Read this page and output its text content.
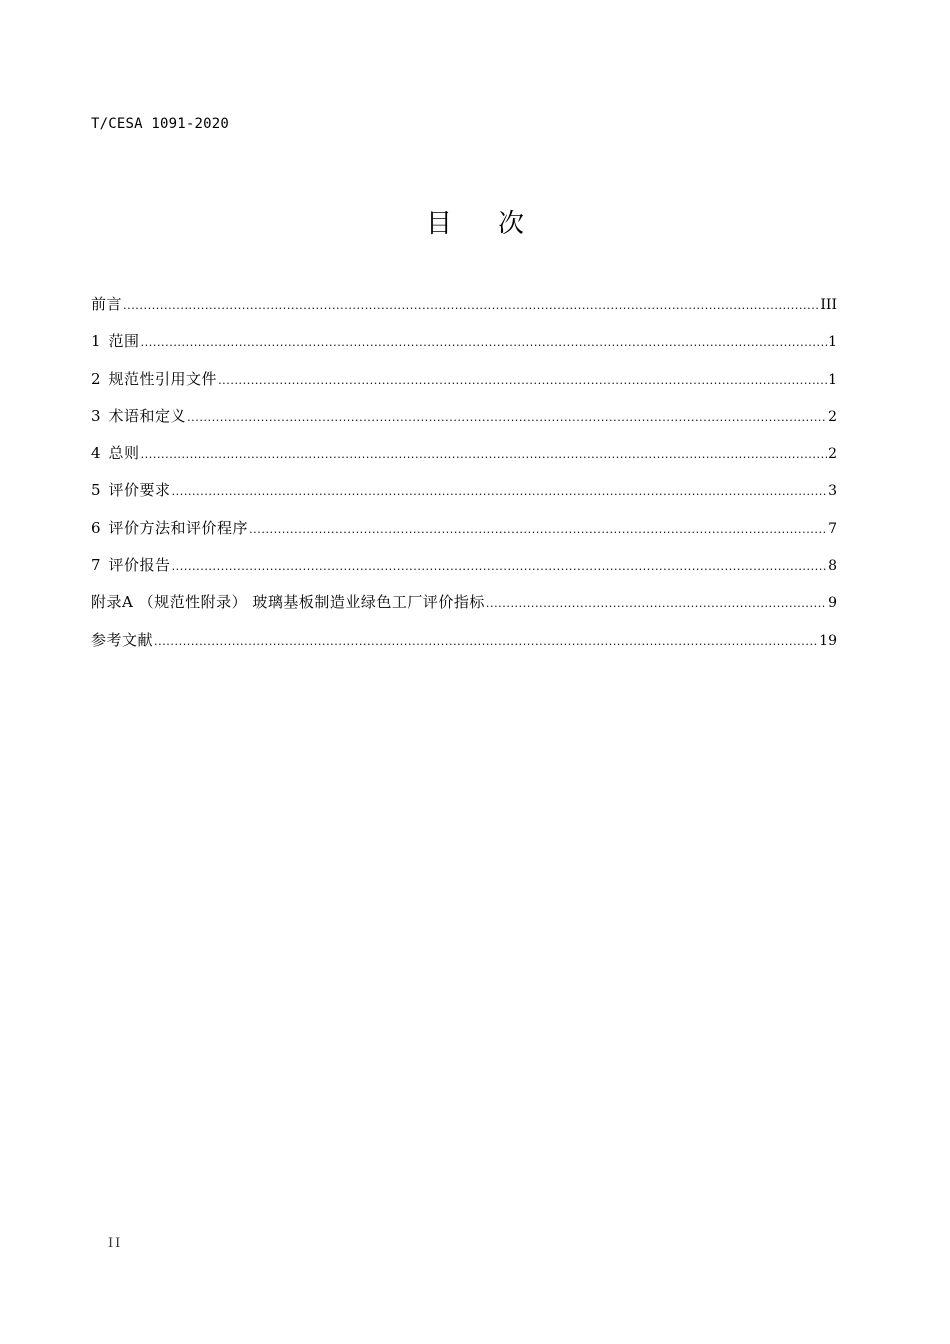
T/CESA 1091-2020
目 次
前言 .....	III
1 范围 .....	1
2 规范性引用文件 .....	1
3 术语和定义 .....	2
4 总则 .....	2
5 评价要求 .....	3
6 评价方法和评价程序 .....	7
7 评价报告 .....	8
附录A （规范性附录） 玻璃基板制造业绿色工厂评价指标 .....	9
参考文献 .....	19
II
